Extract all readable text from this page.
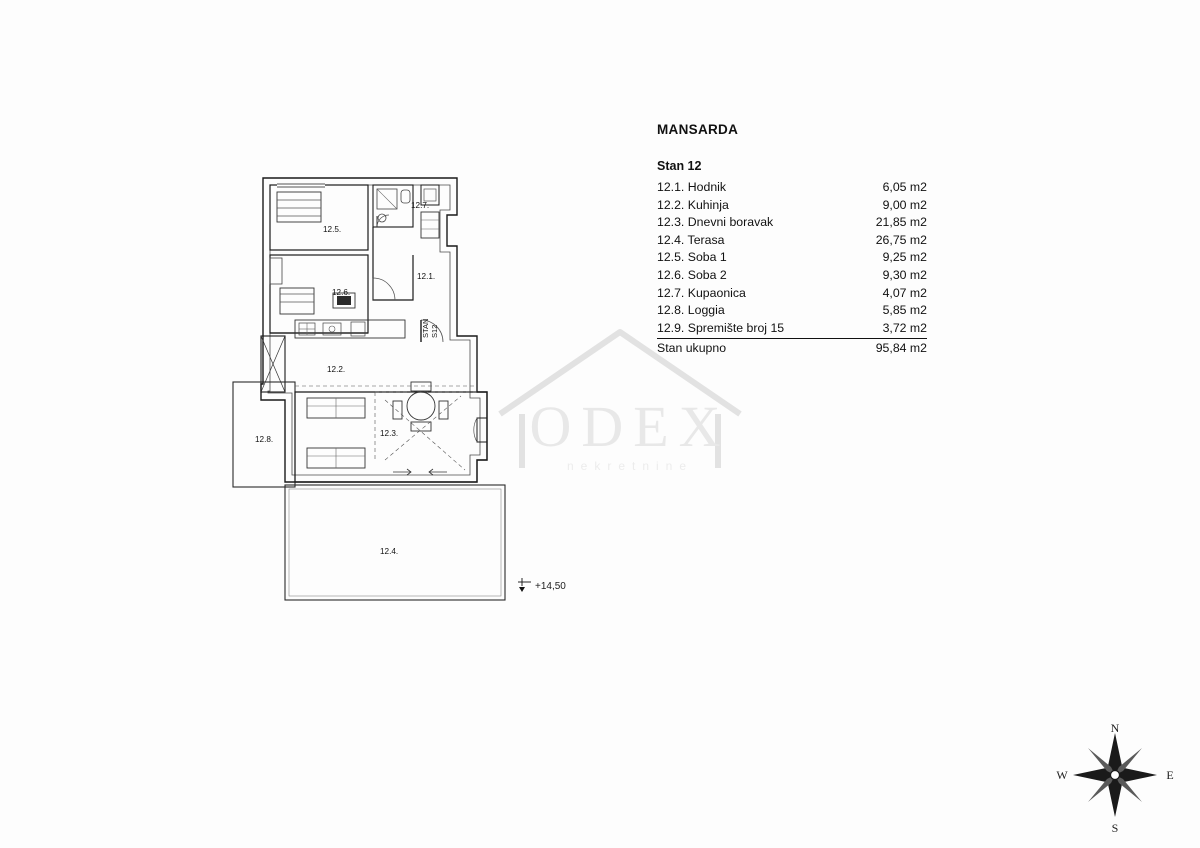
MANSARDA
Stan 12
12.1. Hodnik	6,05 m2
12.2. Kuhinja	9,00 m2
12.3. Dnevni boravak	21,85 m2
12.4. Terasa	26,75 m2
12.5. Soba 1	9,25 m2
12.6. Soba 2	9,30 m2
12.7. Kupaonica	4,07 m2
12.8. Loggia	5,85 m2
12.9. Spremište broj 15	3,72 m2
Stan ukupno	95,84 m2
STAN S12
12.5.
12.7.
12.1.
12.6.
12.2.
12.8.
12.3.
12.4.
ODEX
nekretnine
+14,50
N
S
E
W
